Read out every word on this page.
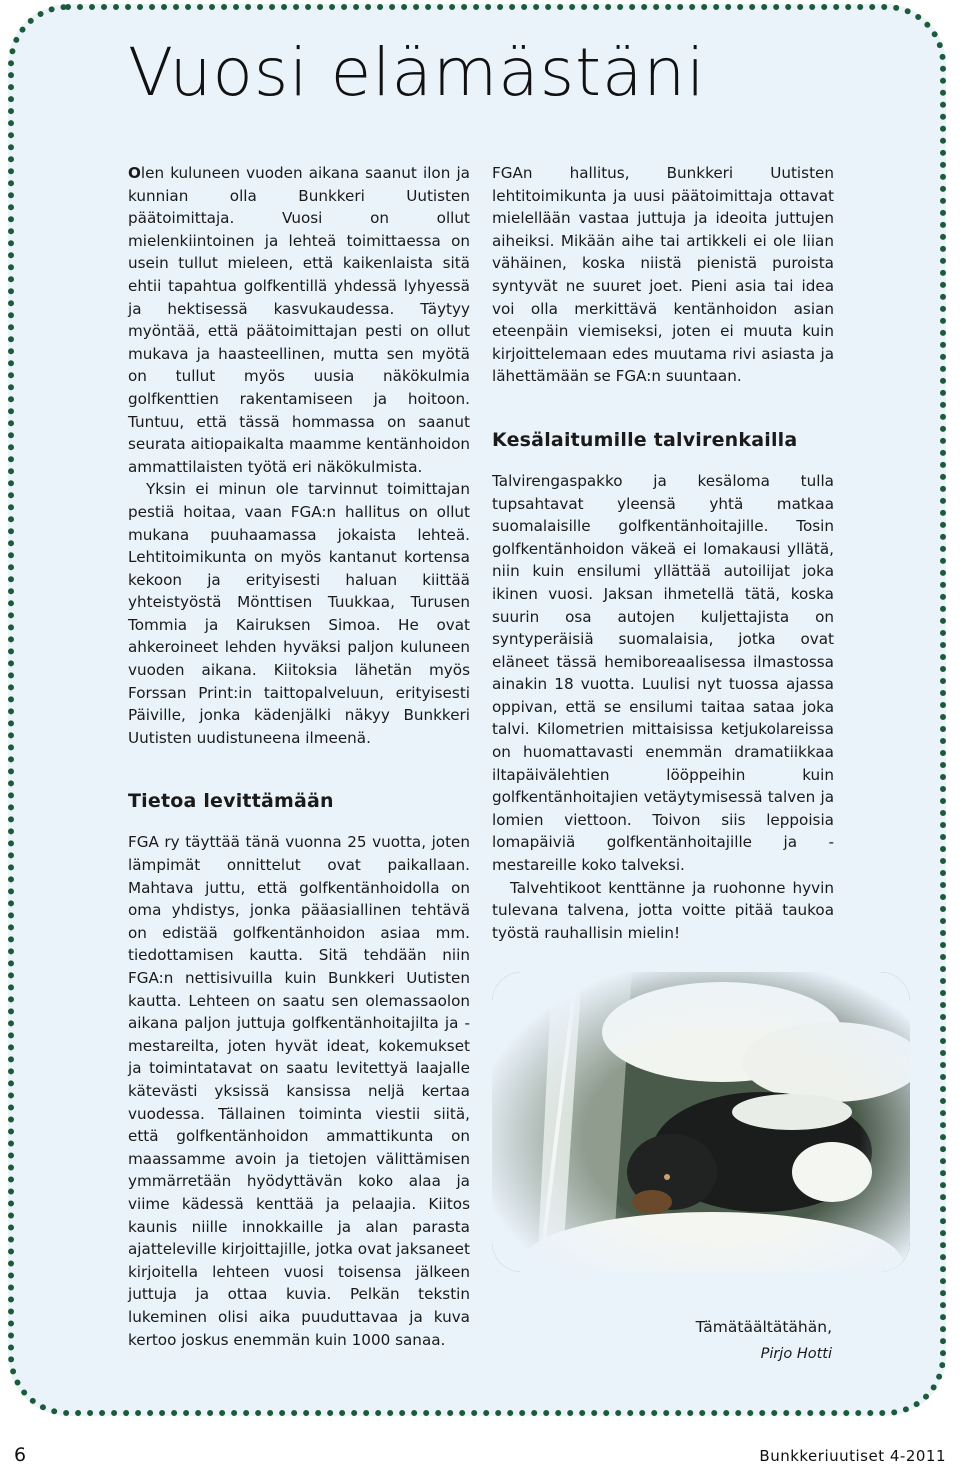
Vuosi elämästäni

Olen kuluneen vuoden aikana saanut ilon ja kunnian olla Bunkkeri Uutisten päätoimittaja. Vuosi on ollut mielenkiintoinen ja lehteä toimittaessa on usein tullut mieleen, että kaikenlaista sitä ehtii tapahtua golfkentillä yhdessä lyhyessä ja hektisessä kasvukaudessa. Täytyy myöntää, että päätoimittajan pesti on ollut mukava ja haasteellinen, mutta sen myötä on tullut myös uusia näkökulmia golfkenttien rakentamiseen ja hoitoon. Tuntuu, että tässä hommassa on saanut seurata aitiopaikalta maamme kentänhoidon ammattilaisten työtä eri näkökulmista.

Yksin ei minun ole tarvinnut toimittajan pestiä hoitaa, vaan FGA:n hallitus on ollut mukana puuhaamassa jokaista lehteä. Lehtitoimikunta on myös kantanut kortensa kekoon ja erityisesti haluan kiittää yhteistyöstä Mönttisen Tuukkaa, Turusen Tommia ja Kairuksen Simoa. He ovat ahkeroineet lehden hyväksi paljon kuluneen vuoden aikana. Kiitoksia lähetän myös Forssan Print:in taittopalveluun, erityisesti Päiville, jonka kädenjälki näkyy Bunkkeri Uutisten uudistuneena ilmeenä.

Tietoa levittämään

FGA ry täyttää tänä vuonna 25 vuotta, joten lämpimät onnittelut ovat paikallaan. Mahtava juttu, että golfkentänhoidolla on oma yhdistys, jonka pääasiallinen tehtävä on edistää golfkentänhoidon asiaa mm. tiedottamisen kautta. Sitä tehdään niin FGA:n nettisivuilla kuin Bunkkeri Uutisten kautta. Lehteen on saatu sen olemassaolon aikana paljon juttuja golfkentänhoitajilta ja -mestareilta, joten hyvät ideat, kokemukset ja toimintatavat on saatu levitettyä laajalle kätevästi yksissä kansissa neljä kertaa vuodessa. Tällainen toiminta viestii siitä, että golfkentänhoidon ammattikunta on maassamme avoin ja tietojen välittämisen ymmärretään hyödyttävän koko alaa ja viime kädessä kenttää ja pelaajia. Kiitos kaunis niille innokkaille ja alan parasta ajatteleville kirjoittajille, jotka ovat jaksaneet kirjoitella lehteen vuosi toisensa jälkeen juttuja ja ottaa kuvia. Pelkän tekstin lukeminen olisi aika puuduttavaa ja kuva kertoo joskus enemmän kuin 1000 sanaa.

FGAn hallitus, Bunkkeri Uutisten lehtitoimikunta ja uusi päätoimittaja ottavat mielellään vastaa juttuja ja ideoita juttujen aiheiksi. Mikään aihe tai artikkeli ei ole liian vähäinen, koska niistä pienistä puroista syntyvät ne suuret joet. Pieni asia tai idea voi olla merkittävä kentänhoidon asian eteenpäin viemiseksi, joten ei muuta kuin kirjoittelemaan edes muutama rivi asiasta ja lähettämään se FGA:n suuntaan.

Kesälaitumille talvirenkailla

Talvirengaspakko ja kesäloma tulla tupsahtavat yleensä yhtä matkaa suomalaisille golfkentänhoitajille. Tosin golfkentänhoidon väkeä ei lomakausi yllätä, niin kuin ensilumi yllättää autoilijat joka ikinen vuosi. Jaksan ihmetellä tätä, koska suurin osa autojen kuljettajista on syntyperäisiä suomalaisia, jotka ovat eläneet tässä hemiboreaalisessa ilmastossa ainakin 18 vuotta. Luulisi nyt tuossa ajassa oppivan, että se ensilumi taitaa sataa joka talvi. Kilometrien mittaisissa ketjukolareissa on huomattavasti enemmän dramatiikkaa iltapäivälehtien lööppeihin kuin golfkentänhoitajien vetäytymisessä talven ja lomien viettoon. Toivon siis leppoisia lomapäiviä golfkentänhoitajille ja -mestareille koko talveksi.

Talvehtikoot kenttänne ja ruohonne hyvin tulevana talvena, jotta voitte pitää taukoa työstä rauhallisin mielin!

Tämätäältätähän,
Pirjo Hotti
6	Bunkkeriuutiset 4-2011
